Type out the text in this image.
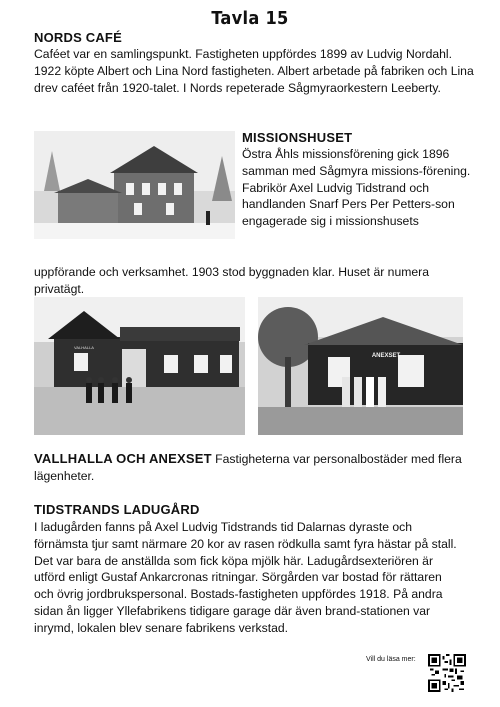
Tavla 15
NORDS CAFÉ
Caféet var en samlingspunkt. Fastigheten uppfördes 1899 av Ludvig Nordahl. 1922 köpte Albert och Lina Nord fastigheten. Albert arbetade på fabriken och Lina drev caféet från 1920-talet. I Nords repeterade Sågmyraorkestern Leeberty.
MISSIONSHUSET
Östra Åhls missionsförening gick 1896 samman med Sågmyra missions-förening. Fabrikör Axel Ludvig Tidstrand och handlanden Snarf Pers Per Petters-son engagerade sig i missionshusets
uppförande och verksamhet. 1903 stod byggnaden klar. Huset är numera privatägt.
VALHALLA
ANEXSET
VALLHALLA OCH ANEXSET Fastigheterna var personalbostäder med flera lägenheter.
TIDSTRANDS LADUGÅRD
I ladugården fanns på Axel Ludvig Tidstrands tid Dalarnas dyraste och förnämsta tjur samt närmare 20 kor av rasen rödkulla samt fyra hästar på stall. Det var bara de anställda som fick köpa mjölk här. Ladugårdsexteriören är utförd enligt Gustaf Ankarcronas ritningar. Sörgården var bostad för rättaren och övrig jordbrukspersonal. Bostads-fastigheten uppfördes 1918. På andra sidan ån ligger Yllefabrikens tidigare garage där även brand-stationen var inrymd, lokalen blev senare fabrikens verkstad.
Vill du läsa mer:
